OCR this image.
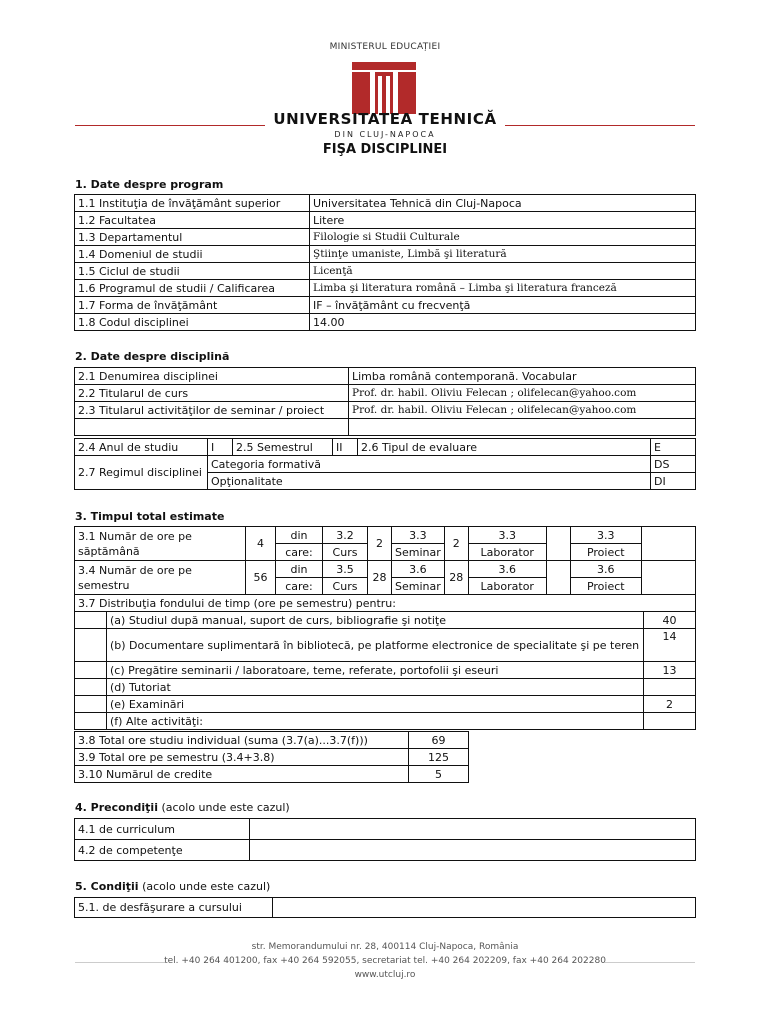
MINISTERUL EDUCAȚIEI
UNIVERSITATEA TEHNICĂ
DIN CLUJ-NAPOCA
FIŞA DISCIPLINEI
1. Date despre program
1.1 Instituţia de învăţământ superior	Universitatea Tehnică din Cluj-Napoca
1.2 Facultatea	Litere
1.3 Departamentul	Filologie si Studii Culturale
1.4 Domeniul de studii	Ştiinţe umaniste, Limbă şi literatură
1.5 Ciclul de studii	Licenţă
1.6 Programul de studii / Calificarea	Limba şi literatura română – Limba şi literatura franceză
1.7 Forma de învăţământ	IF – învăţământ cu frecvenţă
1.8 Codul disciplinei	14.00
2. Date despre disciplină
2.1 Denumirea disciplinei	Limba română contemporană. Vocabular
2.2 Titularul de curs	Prof. dr. habil. Oliviu Felecan ; olifelecan@yahoo.com
2.3 Titularul activităţilor de seminar / proiect	Prof. dr. habil. Oliviu Felecan ; olifelecan@yahoo.com

2.4 Anul de studiu	I	2.5 Semestrul	II	2.6 Tipul de evaluare	E
2.7 Regimul disciplinei	Categoria formativă				DS
	Opţionalitate				DI
3. Timpul total estimate
3.1 Număr de ore pe săptămână	4	din	3.2	2	3.3	2	3.3		3.3	
		care:	Curs		Seminar		Laborator		Proiect	
3.4 Număr de ore pe semestru	56	din	3.5	28	3.6	28	3.6		3.6	
		care:	Curs		Seminar		Laborator		Proiect	
3.7 Distribuţia fondului de timp (ore pe semestru) pentru:		
	(a) Studiul după manual, suport de curs, bibliografie şi notiţe	40
	(b) Documentare suplimentară în bibliotecă, pe platforme electronice de specialitate şi pe teren	14
	(c) Pregătire seminarii / laboratoare, teme, referate, portofolii şi eseuri	13
	(d) Tutoriat	
	(e) Examinări	2
	(f) Alte activităţi:	
3.8 Total ore studiu individual (suma (3.7(a)...3.7(f)))	69
3.9 Total ore pe semestru (3.4+3.8)	125
3.10 Numărul de credite	5
4. Precondiţii (acolo unde este cazul)
4.1 de curriculum	
4.2 de competenţe	
5. Condiţii (acolo unde este cazul)
5.1. de desfăşurare a cursului	
str. Memorandumului nr. 28, 400114 Cluj-Napoca, România
tel. +40 264 401200, fax +40 264 592055, secretariat tel. +40 264 202209, fax +40 264 202280
www.utcluj.ro
